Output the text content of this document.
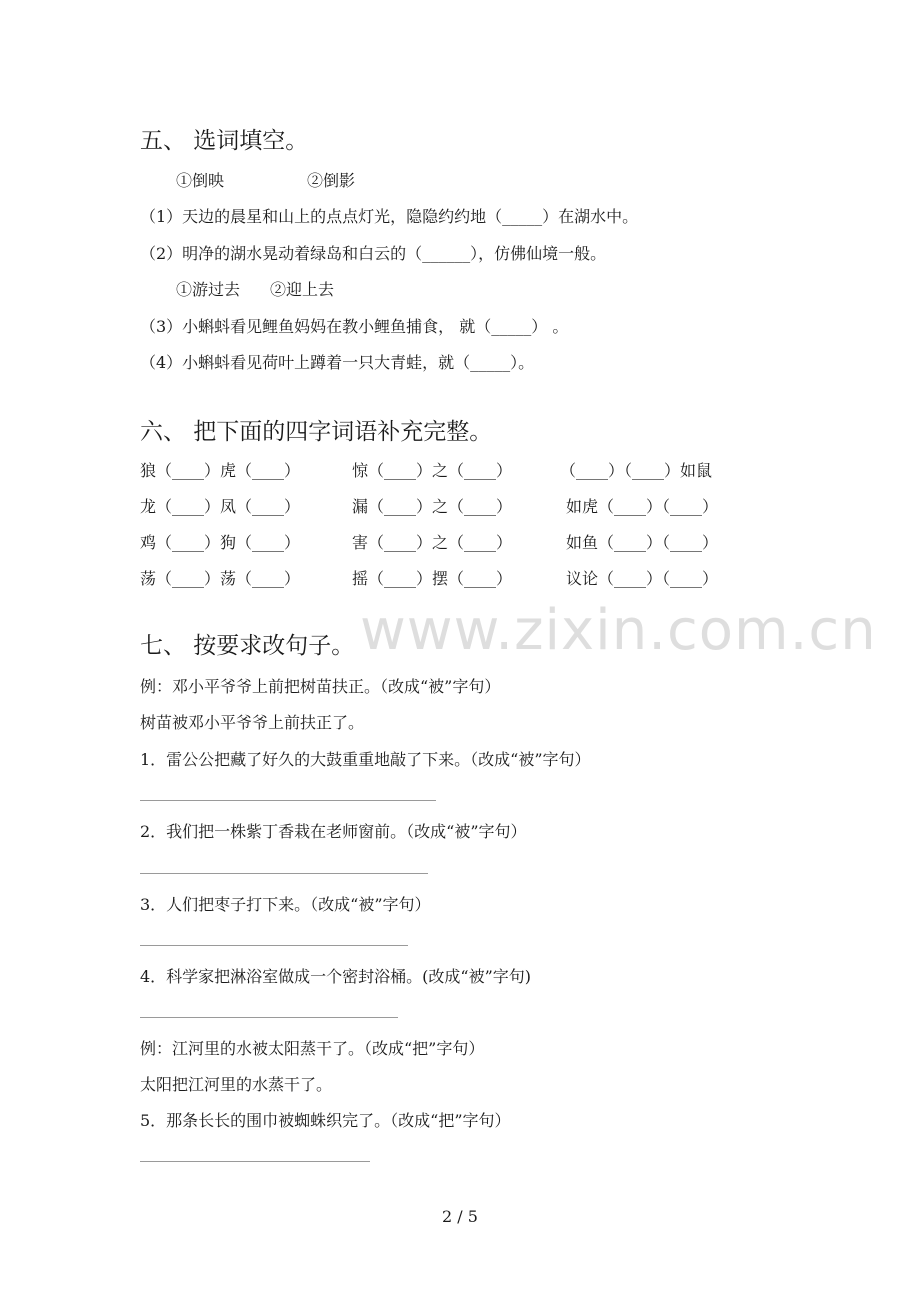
五、 选词填空。
①倒映	②倒影
（1）天边的晨星和山上的点点灯光，隐隐约约地（_____）在湖水中。
（2）明净的湖水晃动着绿岛和白云的（______），仿佛仙境一般。
①游过去 ②迎上去
（3）小蝌蚪看见鲤鱼妈妈在教小鲤鱼捕食， 就（_____） 。
（4）小蝌蚪看见荷叶上蹲着一只大青蛙，就（_____）。
六、 把下面的四字词语补充完整。
狼（____）虎（____）	惊（____）之（____）	（____）（____）如鼠
龙（____）凤（____）	漏（____）之（____）	如虎（____）（____）
鸡（____）狗（____）	害（____）之（____）	如鱼（____）（____）
荡（____）荡（____）	摇（____）摆（____）	议论（____）（____）
www.zixin.com.cn
七、 按要求改句子。
例：邓小平爷爷上前把树苗扶正。（改成“被”字句）
树苗被邓小平爷爷上前扶正了。
1．雷公公把藏了好久的大鼓重重地敲了下来。（改成“被”字句）
2．我们把一株紫丁香栽在老师窗前。（改成“被”字句）
3．人们把枣子打下来。（改成“被”字句）
4．科学家把淋浴室做成一个密封浴桶。(改成“被”字句)
例：江河里的水被太阳蒸干了。（改成“把”字句）
太阳把江河里的水蒸干了。
5．那条长长的围巾被蜘蛛织完了。（改成“把”字句）
2 / 5
